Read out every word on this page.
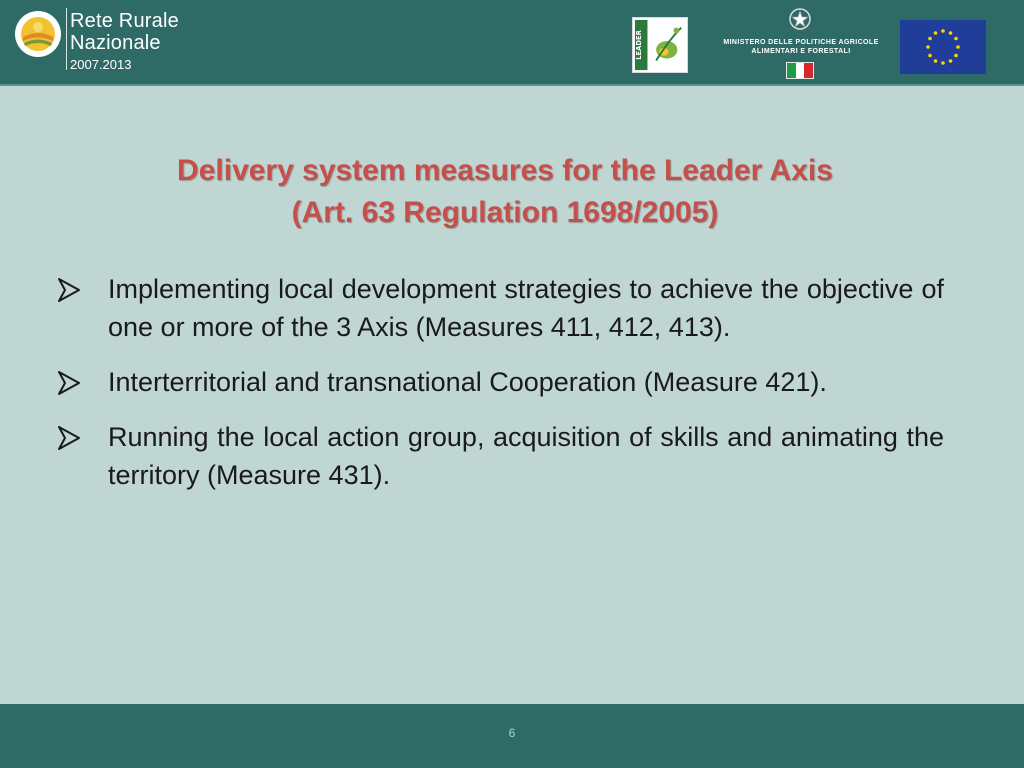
Rete Rurale
Nazionale
2007.2013
LEADER	MINISTERO DELLE POLITICHE AGRICOLE
ALIMENTARI E FORESTALI
Delivery system measures for the Leader Axis
(Art. 63 Regulation 1698/2005)
Implementing local development strategies to achieve the objective of one or more of the 3 Axis (Measures 411, 412, 413).
Interterritorial and transnational Cooperation (Measure 421).
Running the local action group, acquisition of skills and animating the territory (Measure 431).
6
